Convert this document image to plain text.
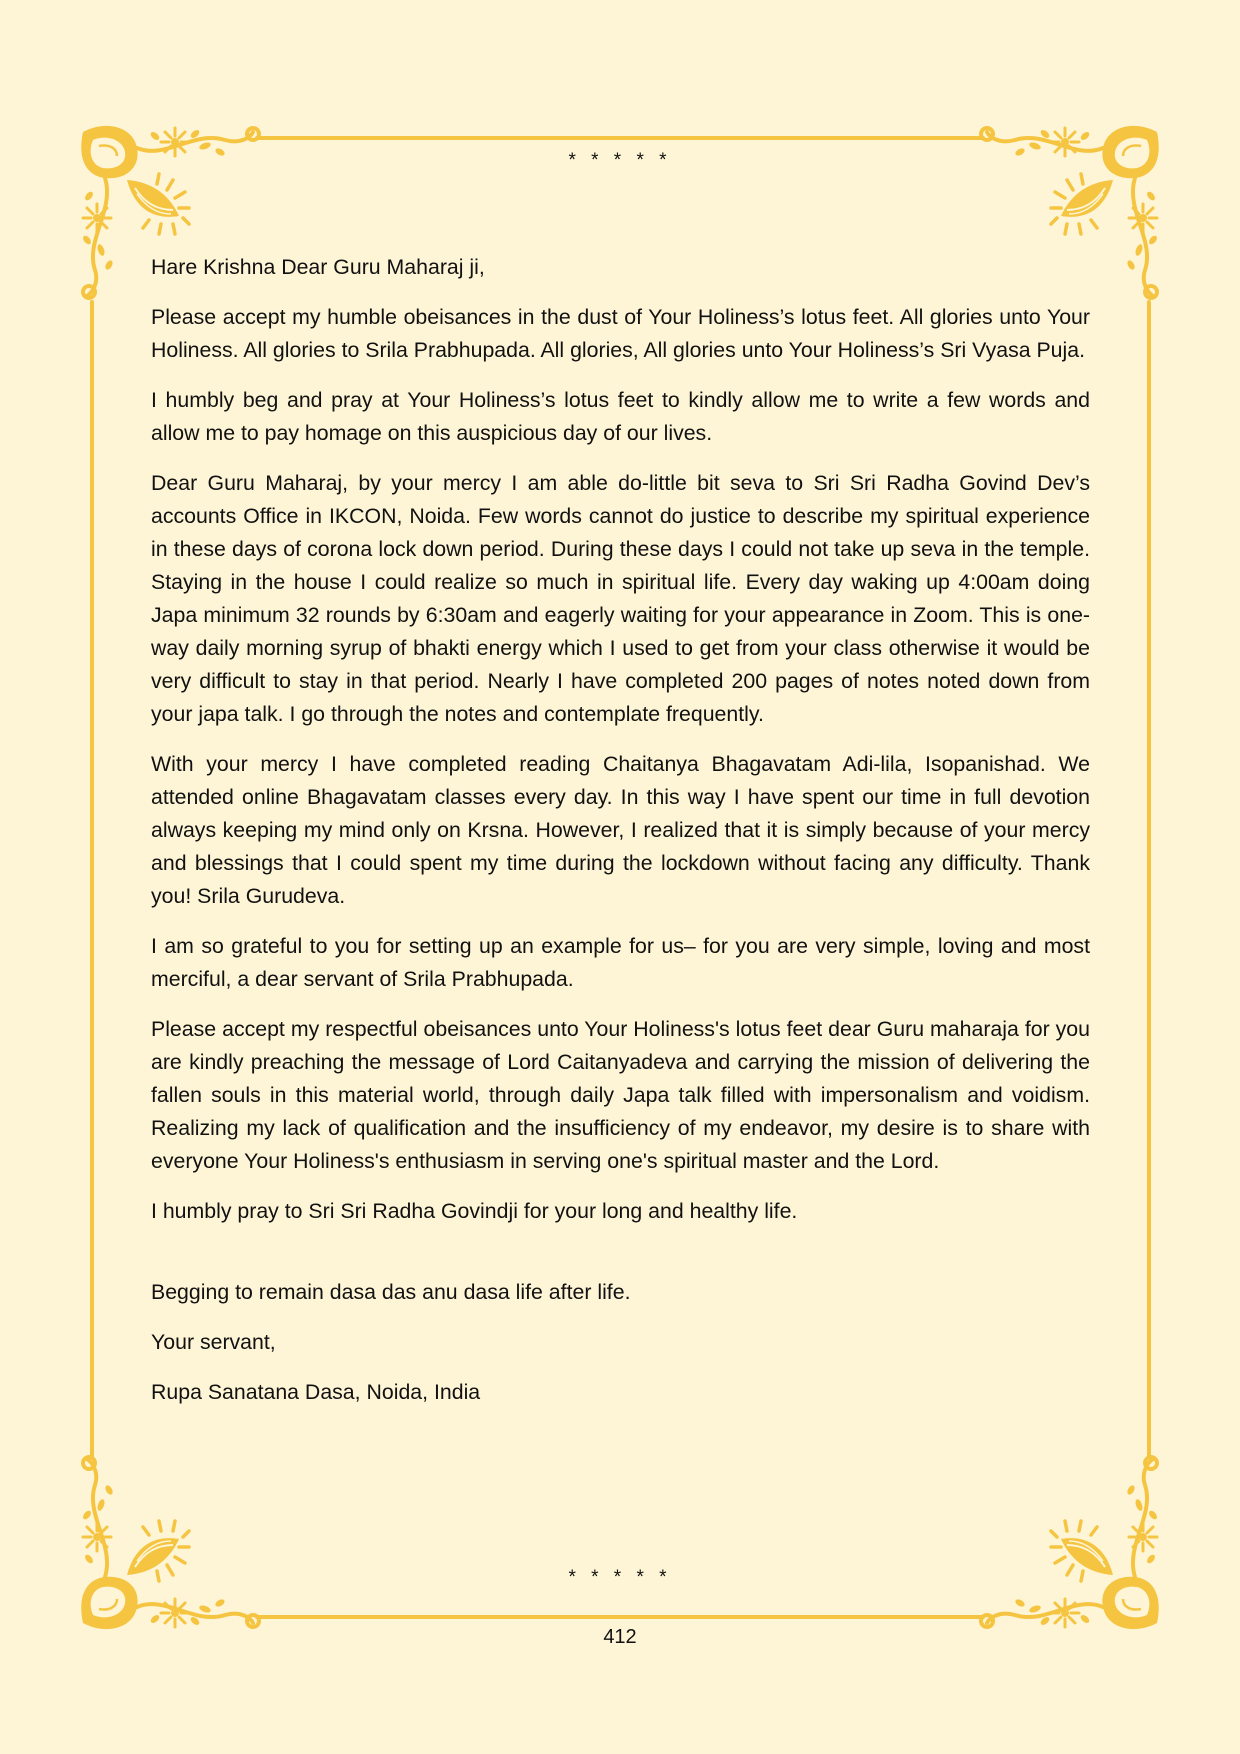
* * * * *

Hare Krishna Dear Guru Maharaj ji,

Please accept my humble obeisances in the dust of Your Holiness’s lotus feet. All glories unto Your Holiness. All glories to Srila Prabhupada. All glories, All glories unto Your Holiness’s Sri Vyasa Puja.

I humbly beg and pray at Your Holiness’s lotus feet to kindly allow me to write a few words and allow me to pay homage on this auspicious day of our lives.

Dear Guru Maharaj, by your mercy I am able do-little bit seva to Sri Sri Radha Govind Dev’s accounts Office in IKCON, Noida. Few words cannot do justice to describe my spiritual experience in these days of corona lock down period. During these days I could not take up seva in the temple. Staying in the house I could realize so much in spiritual life. Every day waking up 4:00am doing Japa minimum 32 rounds by 6:30am and eagerly waiting for your appearance in Zoom. This is one-way daily morning syrup of bhakti energy which I used to get from your class otherwise it would be very difficult to stay in that period. Nearly I have completed 200 pages of notes noted down from your japa talk. I go through the notes and contemplate frequently.

With your mercy I have completed reading Chaitanya Bhagavatam Adi-lila, Isopanishad. We attended online Bhagavatam classes every day. In this way I have spent our time in full devotion always keeping my mind only on Krsna. However, I realized that it is simply because of your mercy and blessings that I could spent my time during the lockdown without facing any difficulty. Thank you! Srila Gurudeva.

I am so grateful to you for setting up an example for us– for you are very simple, loving and most merciful, a dear servant of Srila Prabhupada.

Please accept my respectful obeisances unto Your Holiness's lotus feet dear Guru maharaja for you are kindly preaching the message of Lord Caitanyadeva and carrying the mission of delivering the fallen souls in this material world, through daily Japa talk filled with impersonalism and voidism. Realizing my lack of qualification and the insufficiency of my endeavor, my desire is to share with everyone Your Holiness's enthusiasm in serving one's spiritual master and the Lord.

I humbly pray to Sri Sri Radha Govindji for your long and healthy life.

Begging to remain dasa das anu dasa life after life.

Your servant,

Rupa Sanatana Dasa, Noida, India

* * * * *
412
